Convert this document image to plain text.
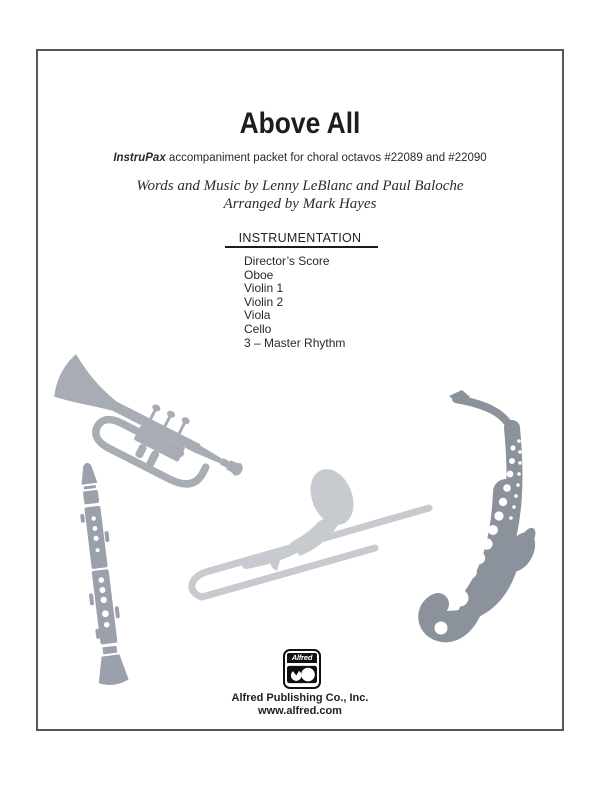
Above All
InstruPax accompaniment packet for choral octavos #22089 and #22090
Words and Music by Lenny LeBlanc and Paul Baloche
Arranged by Mark Hayes
INSTRUMENTATION
Director’s Score
Oboe
Violin 1
Violin 2
Viola
Cello
3 – Master Rhythm
Alfred
Alfred Publishing Co., Inc.
www.alfred.com
